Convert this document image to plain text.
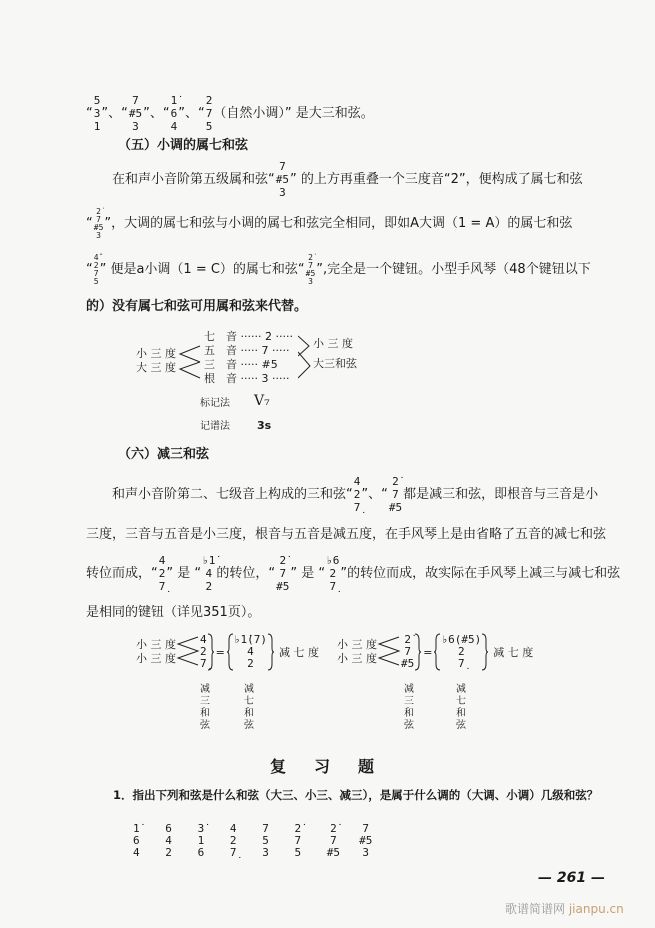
“
5
3
1
”、“
7
#5
3
”、“
1̇
6
4
”、“
2
7
5
（自然小调）” 是大三和弦。
（五）小调的属七和弦
在和声小音阶第五级属和弦“
7
#5
3
” 的上方再重叠一个三度音“2̇”，便构成了属七和弦
“
2̇
7
#5
3
”，大调的属七和弦与小调的属七和弦完全相同，即如A大调（1 = A）的属七和弦
“
4̂
2
7
5
” 便是a小调（1 = C）的属七和弦“
2̇
7
#5
3
”,完全是一个键钮。小型手风琴（48个键钮以下
的）没有属七和弦可用属和弦来代替。
小 三 度
大 三 度
七　音 ······ 2̇ ·····
五　音 ····· 7 ·····
三　音 ····· #5
根　音 ····· 3 ·····
小 三 度
大三和弦
标记法 V₇
记谱法 3s
（六）减三和弦
和声小音阶第二、七级音上构成的三和弦“
4
2
7̣
”、“
2̇
7
#5
都是减三和弦，即根音与三音是小
三度，三音与五音是小三度，根音与五音是减五度，在手风琴上是由省略了五音的减七和弦
转位而成，“
4
2
7̣
” 是 “
♭1̇
4
2
的转位，“
2̇
7
#5
” 是 “
♭6
2
7̣
”的转位而成，故实际在手风琴上减三与减七和弦
是相同的键钮（详见351页）。
小 三 度
小 三 度
4
2
7̣
=
♭1̇(7)
4
2
减 七 度
减三和弦
减七和弦
小 三 度
小 三 度
2̇
7
#5
=
♭6(#5)
2
7̣
减 七 度
减三和弦
减七和弦
复习题
1．指出下列和弦是什么和弦（大三、小三、减三），是属于什么调的（大调、小调）几级和弦？
1̇
6
4
6
4
2
3̇
1
6
4
2
7̣
7
5
3
2̇
7
5
2̇
7
#5
7
#5
3
— 261 —
歌谱简谱网 jianpu.cn
